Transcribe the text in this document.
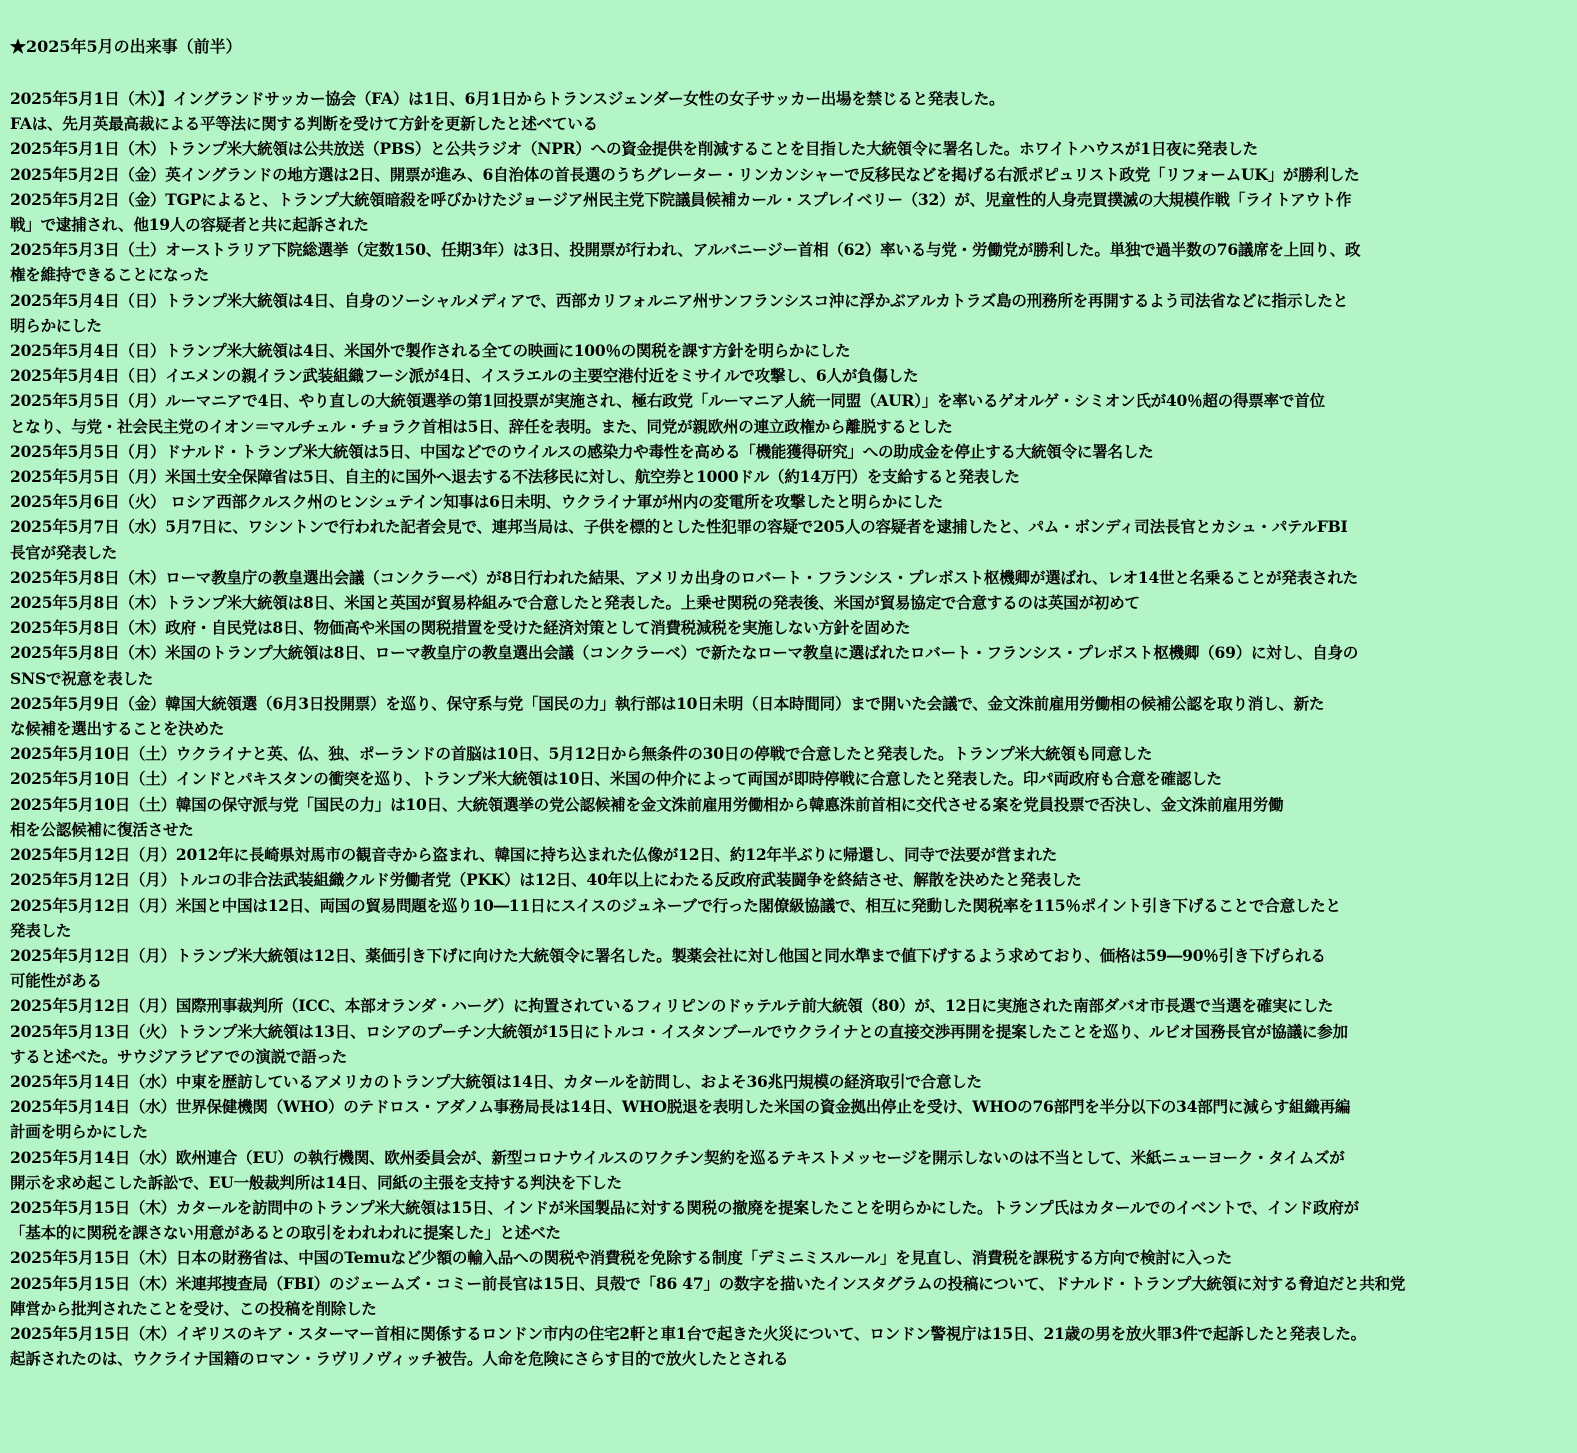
★2025年5月の出来事（前半）
2025年5月1日（木）】イングランドサッカー協会（FA）は1日、6月1日からトランスジェンダー女性の女子サッカー出場を禁じると発表した。
FAは、先月英最高裁による平等法に関する判断を受けて方針を更新したと述べている
2025年5月1日（木）トランプ米大統領は公共放送（PBS）と公共ラジオ（NPR）への資金提供を削減することを目指した大統領令に署名した。ホワイトハウスが1日夜に発表した
2025年5月2日（金）英イングランドの地方選は2日、開票が進み、6自治体の首長選のうちグレーター・リンカンシャーで反移民などを掲げる右派ポピュリスト政党「リフォームUK」が勝利した
2025年5月2日（金）TGPによると、トランプ大統領暗殺を呼びかけたジョージア州民主党下院議員候補カール・スプレイベリー（32）が、児童性的人身売買撲滅の大規模作戦「ライトアウト作
戦」で逮捕され、他19人の容疑者と共に起訴された
2025年5月3日（土）オーストラリア下院総選挙（定数150、任期3年）は3日、投開票が行われ、アルバニージー首相（62）率いる与党・労働党が勝利した。単独で過半数の76議席を上回り、政
権を維持できることになった
2025年5月4日（日）トランプ米大統領は4日、自身のソーシャルメディアで、西部カリフォルニア州サンフランシスコ沖に浮かぶアルカトラズ島の刑務所を再開するよう司法省などに指示したと
明らかにした
2025年5月4日（日）トランプ米大統領は4日、米国外で製作される全ての映画に100％の関税を課す方針を明らかにした
2025年5月4日（日）イエメンの親イラン武装組織フーシ派が4日、イスラエルの主要空港付近をミサイルで攻撃し、6人が負傷した
2025年5月5日（月）ルーマニアで4日、やり直しの大統領選挙の第1回投票が実施され、極右政党「ルーマニア人統一同盟（AUR）」を率いるゲオルゲ・シミオン氏が40％超の得票率で首位
となり、与党・社会民主党のイオン＝マルチェル・チョラク首相は5日、辞任を表明。また、同党が親欧州の連立政権から離脱するとした
2025年5月5日（月）ドナルド・トランプ米大統領は5日、中国などでのウイルスの感染力や毒性を高める「機能獲得研究」への助成金を停止する大統領令に署名した
2025年5月5日（月）米国土安全保障省は5日、自主的に国外へ退去する不法移民に対し、航空券と1000ドル（約14万円）を支給すると発表した
2025年5月6日（火） ロシア西部クルスク州のヒンシュテイン知事は6日未明、ウクライナ軍が州内の変電所を攻撃したと明らかにした
2025年5月7日（水）5月7日に、ワシントンで行われた記者会見で、連邦当局は、子供を標的とした性犯罪の容疑で205人の容疑者を逮捕したと、パム・ボンディ司法長官とカシュ・パテルFBI
長官が発表した
2025年5月8日（木）ローマ教皇庁の教皇選出会議（コンクラーベ）が8日行われた結果、アメリカ出身のロバート・フランシス・プレボスト枢機卿が選ばれ、レオ14世と名乗ることが発表された
2025年5月8日（木）トランプ米大統領は8日、米国と英国が貿易枠組みで合意したと発表した。上乗せ関税の発表後、米国が貿易協定で合意するのは英国が初めて
2025年5月8日（木）政府・自民党は8日、物価高や米国の関税措置を受けた経済対策として消費税減税を実施しない方針を固めた
2025年5月8日（木）米国のトランプ大統領は8日、ローマ教皇庁の教皇選出会議（コンクラーベ）で新たなローマ教皇に選ばれたロバート・フランシス・プレボスト枢機卿（69）に対し、自身の
SNSで祝意を表した
2025年5月9日（金）韓国大統領選（6月3日投開票）を巡り、保守系与党「国民の力」執行部は10日未明（日本時間同）まで開いた会議で、金文洙前雇用労働相の候補公認を取り消し、新た
な候補を選出することを決めた
2025年5月10日（土）ウクライナと英、仏、独、ポーランドの首脳は10日、5月12日から無条件の30日の停戦で合意したと発表した。トランプ米大統領も同意した
2025年5月10日（土）インドとパキスタンの衝突を巡り、トランプ米大統領は10日、米国の仲介によって両国が即時停戦に合意したと発表した。印パ両政府も合意を確認した
2025年5月10日（土）韓国の保守派与党「国民の力」は10日、大統領選挙の党公認候補を金文洙前雇用労働相から韓悳洙前首相に交代させる案を党員投票で否決し、金文洙前雇用労働
相を公認候補に復活させた
2025年5月12日（月）2012年に長崎県対馬市の観音寺から盗まれ、韓国に持ち込まれた仏像が12日、約12年半ぶりに帰還し、同寺で法要が営まれた
2025年5月12日（月）トルコの非合法武装組織クルド労働者党（PKK）は12日、40年以上にわたる反政府武装闘争を終結させ、解散を決めたと発表した
2025年5月12日（月）米国と中国は12日、両国の貿易問題を巡り10―11日にスイスのジュネーブで行った閣僚級協議で、相互に発動した関税率を115％ポイント引き下げることで合意したと
発表した
2025年5月12日（月）トランプ米大統領は12日、薬価引き下げに向けた大統領令に署名した。製薬会社に対し他国と同水準まで値下げするよう求めており、価格は59―90％引き下げられる
可能性がある
2025年5月12日（月）国際刑事裁判所（ICC、本部オランダ・ハーグ）に拘置されているフィリピンのドゥテルテ前大統領（80）が、12日に実施された南部ダバオ市長選で当選を確実にした
2025年5月13日（火）トランプ米大統領は13日、ロシアのプーチン大統領が15日にトルコ・イスタンブールでウクライナとの直接交渉再開を提案したことを巡り、ルビオ国務長官が協議に参加
すると述べた。サウジアラビアでの演説で語った
2025年5月14日（水）中東を歴訪しているアメリカのトランプ大統領は14日、カタールを訪問し、およそ36兆円規模の経済取引で合意した
2025年5月14日（水）世界保健機関（WHO）のテドロス・アダノム事務局長は14日、WHO脱退を表明した米国の資金拠出停止を受け、WHOの76部門を半分以下の34部門に減らす組織再編
計画を明らかにした
2025年5月14日（水）欧州連合（EU）の執行機関、欧州委員会が、新型コロナウイルスのワクチン契約を巡るテキストメッセージを開示しないのは不当として、米紙ニューヨーク・タイムズが
開示を求め起こした訴訟で、EU一般裁判所は14日、同紙の主張を支持する判決を下した
2025年5月15日（木）カタールを訪問中のトランプ米大統領は15日、インドが米国製品に対する関税の撤廃を提案したことを明らかにした。トランプ氏はカタールでのイベントで、インド政府が
「基本的に関税を課さない用意があるとの取引をわれわれに提案した」と述べた
2025年5月15日（木）日本の財務省は、中国のTemuなど少額の輸入品への関税や消費税を免除する制度「デミニミスルール」を見直し、消費税を課税する方向で検討に入った
2025年5月15日（木）米連邦捜査局（FBI）のジェームズ・コミー前長官は15日、貝殻で「86 47」の数字を描いたインスタグラムの投稿について、ドナルド・トランプ大統領に対する脅迫だと共和党
陣営から批判されたことを受け、この投稿を削除した
2025年5月15日（木）イギリスのキア・スターマー首相に関係するロンドン市内の住宅2軒と車1台で起きた火災について、ロンドン警視庁は15日、21歳の男を放火罪3件で起訴したと発表した。
起訴されたのは、ウクライナ国籍のロマン・ラヴリノヴィッチ被告。人命を危険にさらす目的で放火したとされる
